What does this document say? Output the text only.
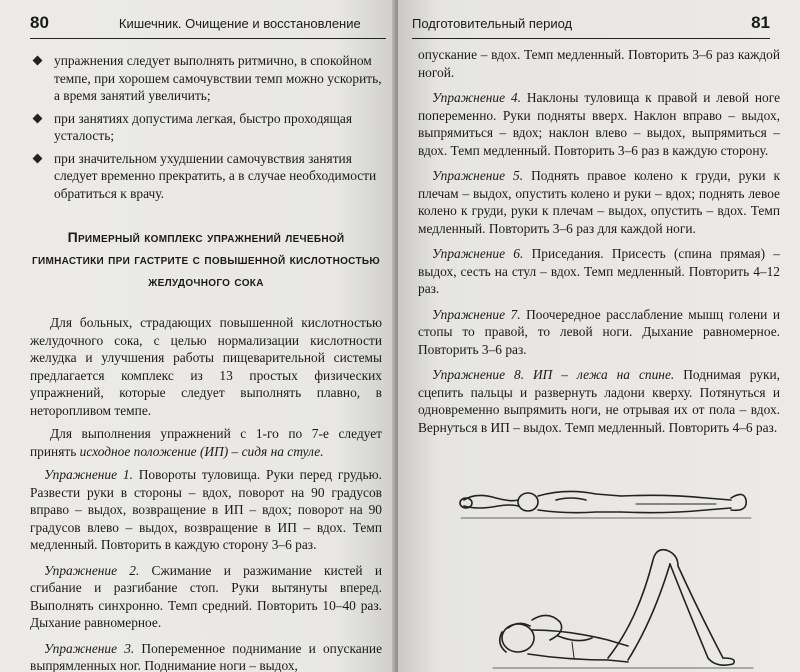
80	Кишечник. Очищение и восстановление
упражнения следует выполнять ритмично, в спокойном темпе, при хорошем самочувствии темп можно ускорить, а время занятий увеличить;
при занятиях допустима легкая, быстро проходящая усталость;
при значительном ухудшении самочувствия занятия следует временно прекратить, а в случае необходимости обратиться к врачу.
Примерный комплекс упражнений лечебной гимнастики при гастрите с повышенной кислотностью желудочного сока

Для больных, страдающих повышенной кислотностью желудочного сока, с целью нормализации кислотности желудка и улучшения работы пищеварительной системы предлагается комплекс из 13 простых физических упражнений, которые следует выполнять плавно, в неторопливом темпе.

Для выполнения упражнений с 1-го по 7-е следует принять исходное положение (ИП) – сидя на стуле.

Упражнение 1. Повороты туловища. Руки перед грудью. Развести руки в стороны – вдох, поворот на 90 градусов вправо – выдох, возвращение в ИП – вдох; поворот на 90 градусов влево – выдох, возвращение в ИП – вдох. Темп медленный. Повторить в каждую сторону 3–6 раз.

Упражнение 2. Сжимание и разжимание кистей и сгибание и разгибание стоп. Руки вытянуты вперед. Выполнять синхронно. Темп средний. Повторить 10–40 раз. Дыхание равномерное.

Упражнение 3. Попеременное поднимание и опускание выпрямленных ног. Поднимание ноги – выдох,

Подготовительный период	81

опускание – вдох. Темп медленный. Повторить 3–6 раз каждой ногой.

Упражнение 4. Наклоны туловища к правой и левой ноге попеременно. Руки подняты вверх. Наклон вправо – выдох, выпрямиться – вдох; наклон влево – выдох, выпрямиться – вдох. Темп медленный. Повторить 3–6 раз в каждую сторону.

Упражнение 5. Поднять правое колено к груди, руки к плечам – выдох, опустить колено и руки – вдох; поднять левое колено к груди, руки к плечам – выдох, опустить – вдох. Темп медленный. Повторить 3–6 раз для каждой ноги.

Упражнение 6. Приседания. Присесть (спина прямая) – выдох, сесть на стул – вдох. Темп медленный. Повторить 4–12 раз.

Упражнение 7. Поочередное расслабление мышц голени и стопы то правой, то левой ноги. Дыхание равномерное. Повторить 3–6 раз.

Упражнение 8. ИП – лежа на спине. Поднимая руки, сцепить пальцы и развернуть ладони кверху. Потянуться и одновременно выпрямить ноги, не отрывая их от пола – вдох. Вернуться в ИП – выдох. Темп медленный. Повторить 4–6 раз.
